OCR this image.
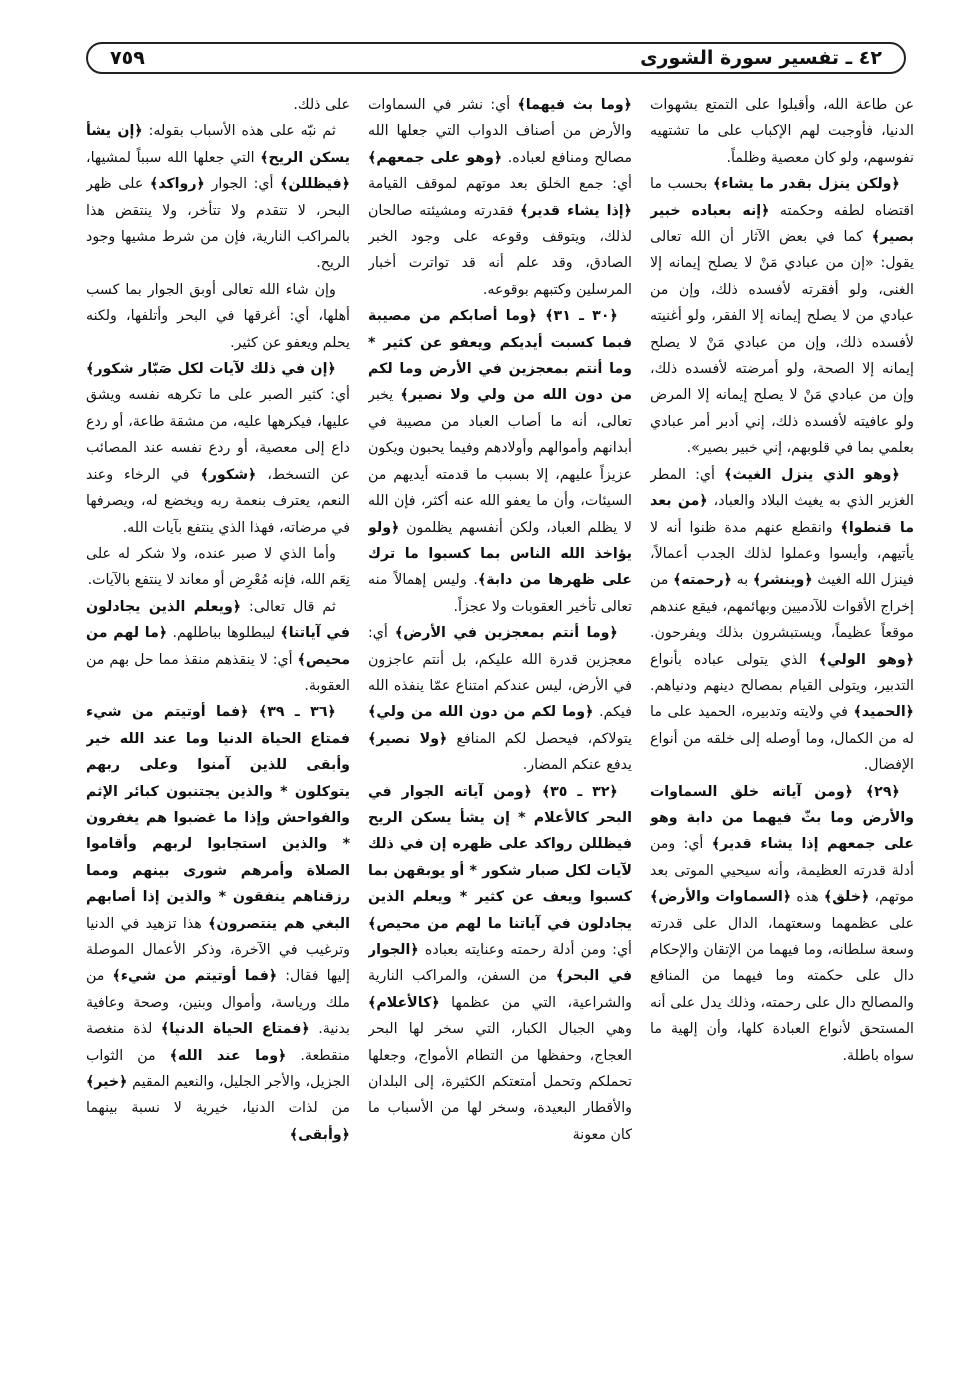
٤٢ ـ تفسير سورة الشورى
٧٥٩

عن طاعة الله، وأقبلوا على التمتع بشهوات الدنيا، فأوجبت لهم الإكباب على ما تشتهيه نفوسهم، ولو كان معصية وظلماً.

 ﴿ولكن ينزل بقدر ما يشاء﴾ بحسب ما اقتضاه لطفه وحكمته ﴿إنه بعباده خبير بصير﴾ كما في بعض الآثار أن الله تعالى يقول: «إن من عبادي مَنْ لا يصلح إيمانه إلا الغنى، ولو أفقرته لأفسده ذلك، وإن من عبادي من لا يصلح إيمانه إلا الفقر، ولو أغنيته لأفسده ذلك، وإن من عبادي مَنْ لا يصلح إيمانه إلا الصحة، ولو أمرضته لأفسده ذلك، وإن من عبادي مَنْ لا يصلح إيمانه إلا المرض ولو عافيته لأفسده ذلك، إني أدبر أمر عبادي بعلمي بما في قلوبهم، إني خبير بصير».

 ﴿وهو الذي ينزل الغيث﴾ أي: المطر الغزير الذي به يغيث البلاد والعباد، ﴿من بعد ما قنطوا﴾ وانقطع عنهم مدة ظنوا أنه لا يأتيهم، وأيسوا وعملوا لذلك الجدب أعمالاً، فينزل الله الغيث ﴿وينشر﴾ به ﴿رحمته﴾ من إخراج الأقوات للآدميين وبهائمهم، فيقع عندهم موقعاً عظيماً، ويستبشرون بذلك ويفرحون. ﴿وهو الولي﴾ الذي يتولى عباده بأنواع التدبير، ويتولى القيام بمصالح دينهم ودنياهم. ﴿الحميد﴾ في ولايته وتدبيره، الحميد على ما له من الكمال، وما أوصله إلى خلقه من أنواع الإفضال.

 ﴿٢٩﴾ ﴿ومن آياته خلق السماوات والأرض وما بثّ فيهما من دابة وهو على جمعهم إذا يشاء قدير﴾ أي: ومن أدلة قدرته العظيمة، وأنه سيحيي الموتى بعد موتهم، ﴿خلق﴾ هذه ﴿السماوات والأرض﴾ على عظمهما وسعتهما، الدال على قدرته وسعة سلطانه، وما فيهما من الإتقان والإحكام دال على حكمته وما فيهما من المنافع والمصالح دال على رحمته، وذلك يدل على أنه المستحق لأنواع العبادة كلها، وأن إلهية ما سواه باطلة.

﴿وما بث فيهما﴾ أي: نشر في السماوات والأرض من أصناف الدواب التي جعلها الله مصالح ومنافع لعباده. ﴿وهو على جمعهم﴾ أي: جمع الخلق بعد موتهم لموقف القيامة ﴿إذا يشاء قدير﴾ فقدرته ومشيئته صالحان لذلك، ويتوقف وقوعه على وجود الخبر الصادق، وقد علم أنه قد تواترت أخبار المرسلين وكتبهم بوقوعه.

 ﴿٣٠ ـ ٣١﴾ ﴿وما أصابكم من مصيبة فبما كسبت أيديكم ويعفو عن كثير * وما أنتم بمعجزين في الأرض وما لكم من دون الله من ولي ولا نصير﴾ يخبر تعالى، أنه ما أصاب العباد من مصيبة في أبدانهم وأموالهم وأولادهم وفيما يحبون ويكون عزيزاً عليهم، إلا بسبب ما قدمته أيديهم من السيئات، وأن ما يعفو الله عنه أكثر، فإن الله لا يظلم العباد، ولكن أنفسهم يظلمون ﴿ولو يؤاخذ الله الناس بما كسبوا ما ترك على ظهرها من دابة﴾. وليس إهمالاً منه تعالى تأخير العقوبات ولا عجزاً.

 ﴿وما أنتم بمعجزين في الأرض﴾ أي: معجزين قدرة الله عليكم، بل أنتم عاجزون في الأرض، ليس عندكم امتناع عمّا ينفذه الله فيكم. ﴿وما لكم من دون الله من ولي﴾ يتولاكم، فيحصل لكم المنافع ﴿ولا نصير﴾ يدفع عنكم المضار.

 ﴿٣٢ ـ ٣٥﴾ ﴿ومن آياته الجوار في البحر كالأعلام * إن يشأ يسكن الريح فيظللن رواكد على ظهره إن في ذلك لآيات لكل صبار شكور * أو يوبقهن بما كسبوا ويعف عن كثير * ويعلم الذين يجادلون في آياتنا ما لهم من محيص﴾ أي: ومن أدلة رحمته وعنايته بعباده ﴿الجوار في البحر﴾ من السفن، والمراكب النارية والشراعية، التي من عظمها ﴿كالأعلام﴾ وهي الجبال الكبار، التي سخر لها البحر العجاج، وحفظها من التطام الأمواج، وجعلها تحملكم وتحمل أمتعتكم الكثيرة، إلى البلدان والأقطار البعيدة، وسخر لها من الأسباب ما كان معونة

على ذلك.

 ثم نبّه على هذه الأسباب بقوله: ﴿إن يشأ يسكن الريح﴾ التي جعلها الله سبباً لمشيها، ﴿فيظللن﴾ أي: الجوار ﴿رواكد﴾ على ظهر البحر، لا تتقدم ولا تتأخر، ولا ينتقض هذا بالمراكب النارية، فإن من شرط مشيها وجود الريح.

 وإن شاء الله تعالى أوبق الجوار بما كسب أهلها، أي: أغرقها في البحر وأتلفها، ولكنه يحلم ويعفو عن كثير.

 ﴿إن في ذلك لآيات لكل صَبّار شكور﴾ أي: كثير الصبر على ما تكرهه نفسه ويشق عليها، فيكرهها عليه، من مشقة طاعة، أو ردع داع إلى معصية، أو ردع نفسه عند المصائب عن التسخط، ﴿شكور﴾ في الرخاء وعند النعم، يعترف بنعمة ربه ويخضع له، ويصرفها في مرضاته، فهذا الذي ينتفع بآيات الله.

 وأما الذي لا صبر عنده، ولا شكر له على نِعَم الله، فإنه مُعْرِض أو معاند لا ينتفع بالآيات.

 ثم قال تعالى: ﴿ويعلم الذين يجادلون في آياتنا﴾ ليبطلوها بباطلهم. ﴿ما لهم من محيص﴾ أي: لا ينقذهم منقذ مما حل بهم من العقوبة.

 ﴿٣٦ ـ ٣٩﴾ ﴿فما أوتيتم من شيء فمتاع الحياة الدنيا وما عند الله خير وأبقى للذين آمنوا وعلى ربهم يتوكلون * والذين يجتنبون كبائر الإثم والفواحش وإذا ما غضبوا هم يغفرون * والذين استجابوا لربهم وأقاموا الصلاة وأمرهم شورى بينهم ومما رزقناهم ينفقون * والذين إذا أصابهم البغي هم ينتصرون﴾ هذا تزهيد في الدنيا وترغيب في الآخرة، وذكر الأعمال الموصلة إليها فقال: ﴿فما أوتيتم من شيء﴾ من ملك ورياسة، وأموال وبنين، وصحة وعافية بدنية. ﴿فمتاع الحياة الدنيا﴾ لذة منغصة منقطعة. ﴿وما عند الله﴾ من الثواب الجزيل، والأجر الجليل، والنعيم المقيم ﴿خير﴾ من لذات الدنيا، خيرية لا نسبة بينهما ﴿وأبقى﴾
